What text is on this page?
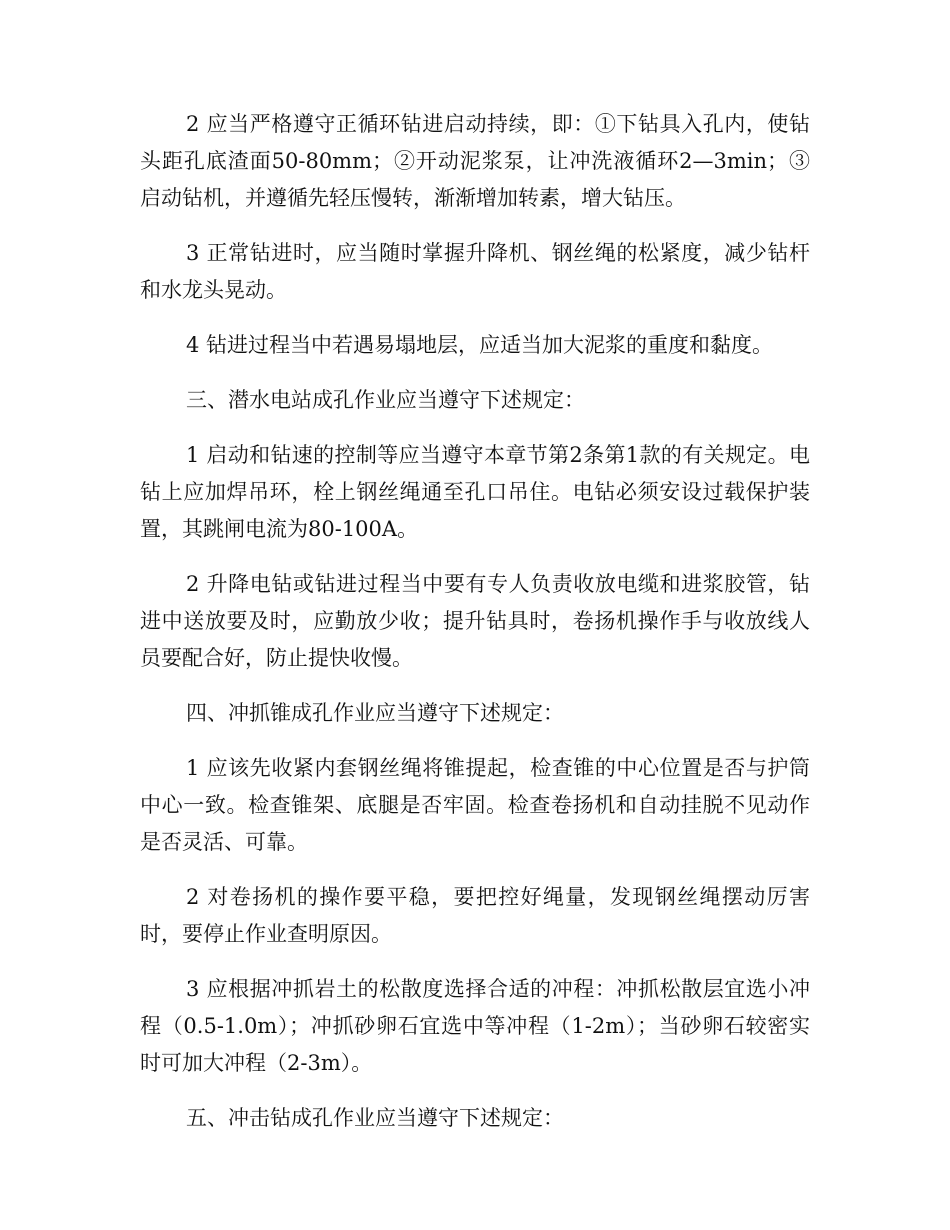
2 应当严格遵守正循环钻进启动持续，即：①下钻具入孔内，使钻头距孔底渣面50-80mm；②开动泥浆泵，让冲洗液循环2—3min；③启动钻机，并遵循先轻压慢转，渐渐增加转素，增大钻压。

3 正常钻进时，应当随时掌握升降机、钢丝绳的松紧度，减少钻杆和水龙头晃动。

4 钻进过程当中若遇易塌地层，应适当加大泥浆的重度和黏度。

三、潜水电站成孔作业应当遵守下述规定：

1 启动和钻速的控制等应当遵守本章节第2条第1款的有关规定。电钻上应加焊吊环，栓上钢丝绳通至孔口吊住。电钻必须安设过载保护装置，其跳闸电流为80-100A。

2 升降电钻或钻进过程当中要有专人负责收放电缆和进浆胶管，钻进中送放要及时，应勤放少收；提升钻具时，卷扬机操作手与收放线人员要配合好，防止提快收慢。

四、冲抓锥成孔作业应当遵守下述规定：

1 应该先收紧内套钢丝绳将锥提起，检查锥的中心位置是否与护筒中心一致。检查锥架、底腿是否牢固。检查卷扬机和自动挂脱不见动作是否灵活、可靠。

2 对卷扬机的操作要平稳，要把控好绳量，发现钢丝绳摆动厉害时，要停止作业查明原因。

3 应根据冲抓岩土的松散度选择合适的冲程：冲抓松散层宜选小冲程（0.5-1.0m）；冲抓砂卵石宜选中等冲程（1-2m）；当砂卵石较密实时可加大冲程（2-3m）。

五、冲击钻成孔作业应当遵守下述规定：
